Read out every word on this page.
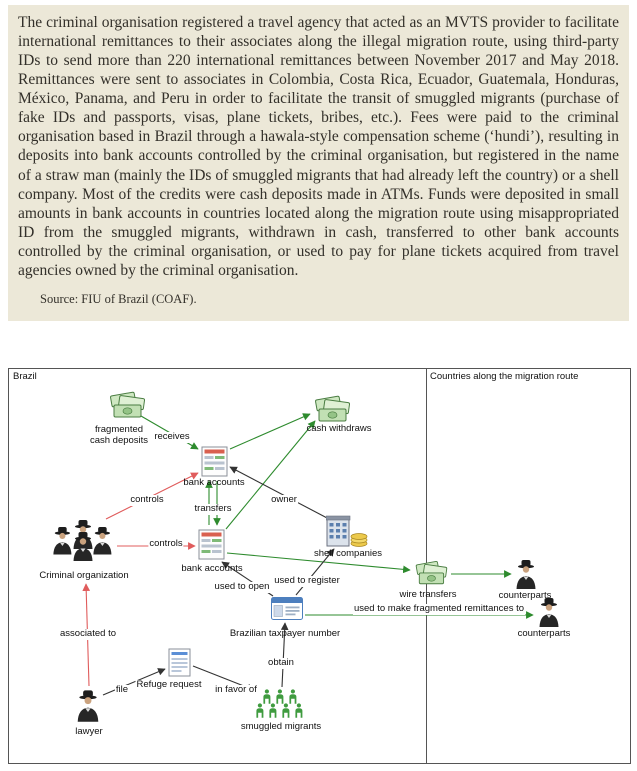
The criminal organisation registered a travel agency that acted as an MVTS provider to facilitate international remittances to their associates along the illegal migration route, using third-party IDs to send more than 220 international remittances between November 2017 and May 2018. Remittances were sent to associates in Colombia, Costa Rica, Ecuador, Guatemala, Honduras, México, Panama, and Peru in order to facilitate the transit of smuggled migrants (purchase of fake IDs and passports, visas, plane tickets, bribes, etc.). Fees were paid to the criminal organisation based in Brazil through a hawala-style compensation scheme (‘hundi’), resulting in deposits into bank accounts controlled by the criminal organisation, but registered in the name of a straw man (mainly the IDs of smuggled migrants that had already left the country) or a shell company. Most of the credits were cash deposits made in ATMs. Funds were deposited in small amounts in bank accounts in countries located along the migration route using misappropriated ID from the smuggled migrants, withdrawn in cash, transferred to other bank accounts controlled by the criminal organisation, or used to pay for plane tickets acquired from travel agencies owned by the criminal organisation.

Source: FIU of Brazil (COAF).

Brazil	Countries along the migration route
fragmented cash deposits
cash withdraws
bank accounts
bank accounts
shell companies
Criminal organization
Brazilian taxpayer number
wire transfers	counterparts
counterparts
Refuge request
smuggled migrants
lawyer
receives
controls
transfers
owner
controls
used to open
used to register
used to make fragmented remittances to
associated to
file	in favor of
obtain
